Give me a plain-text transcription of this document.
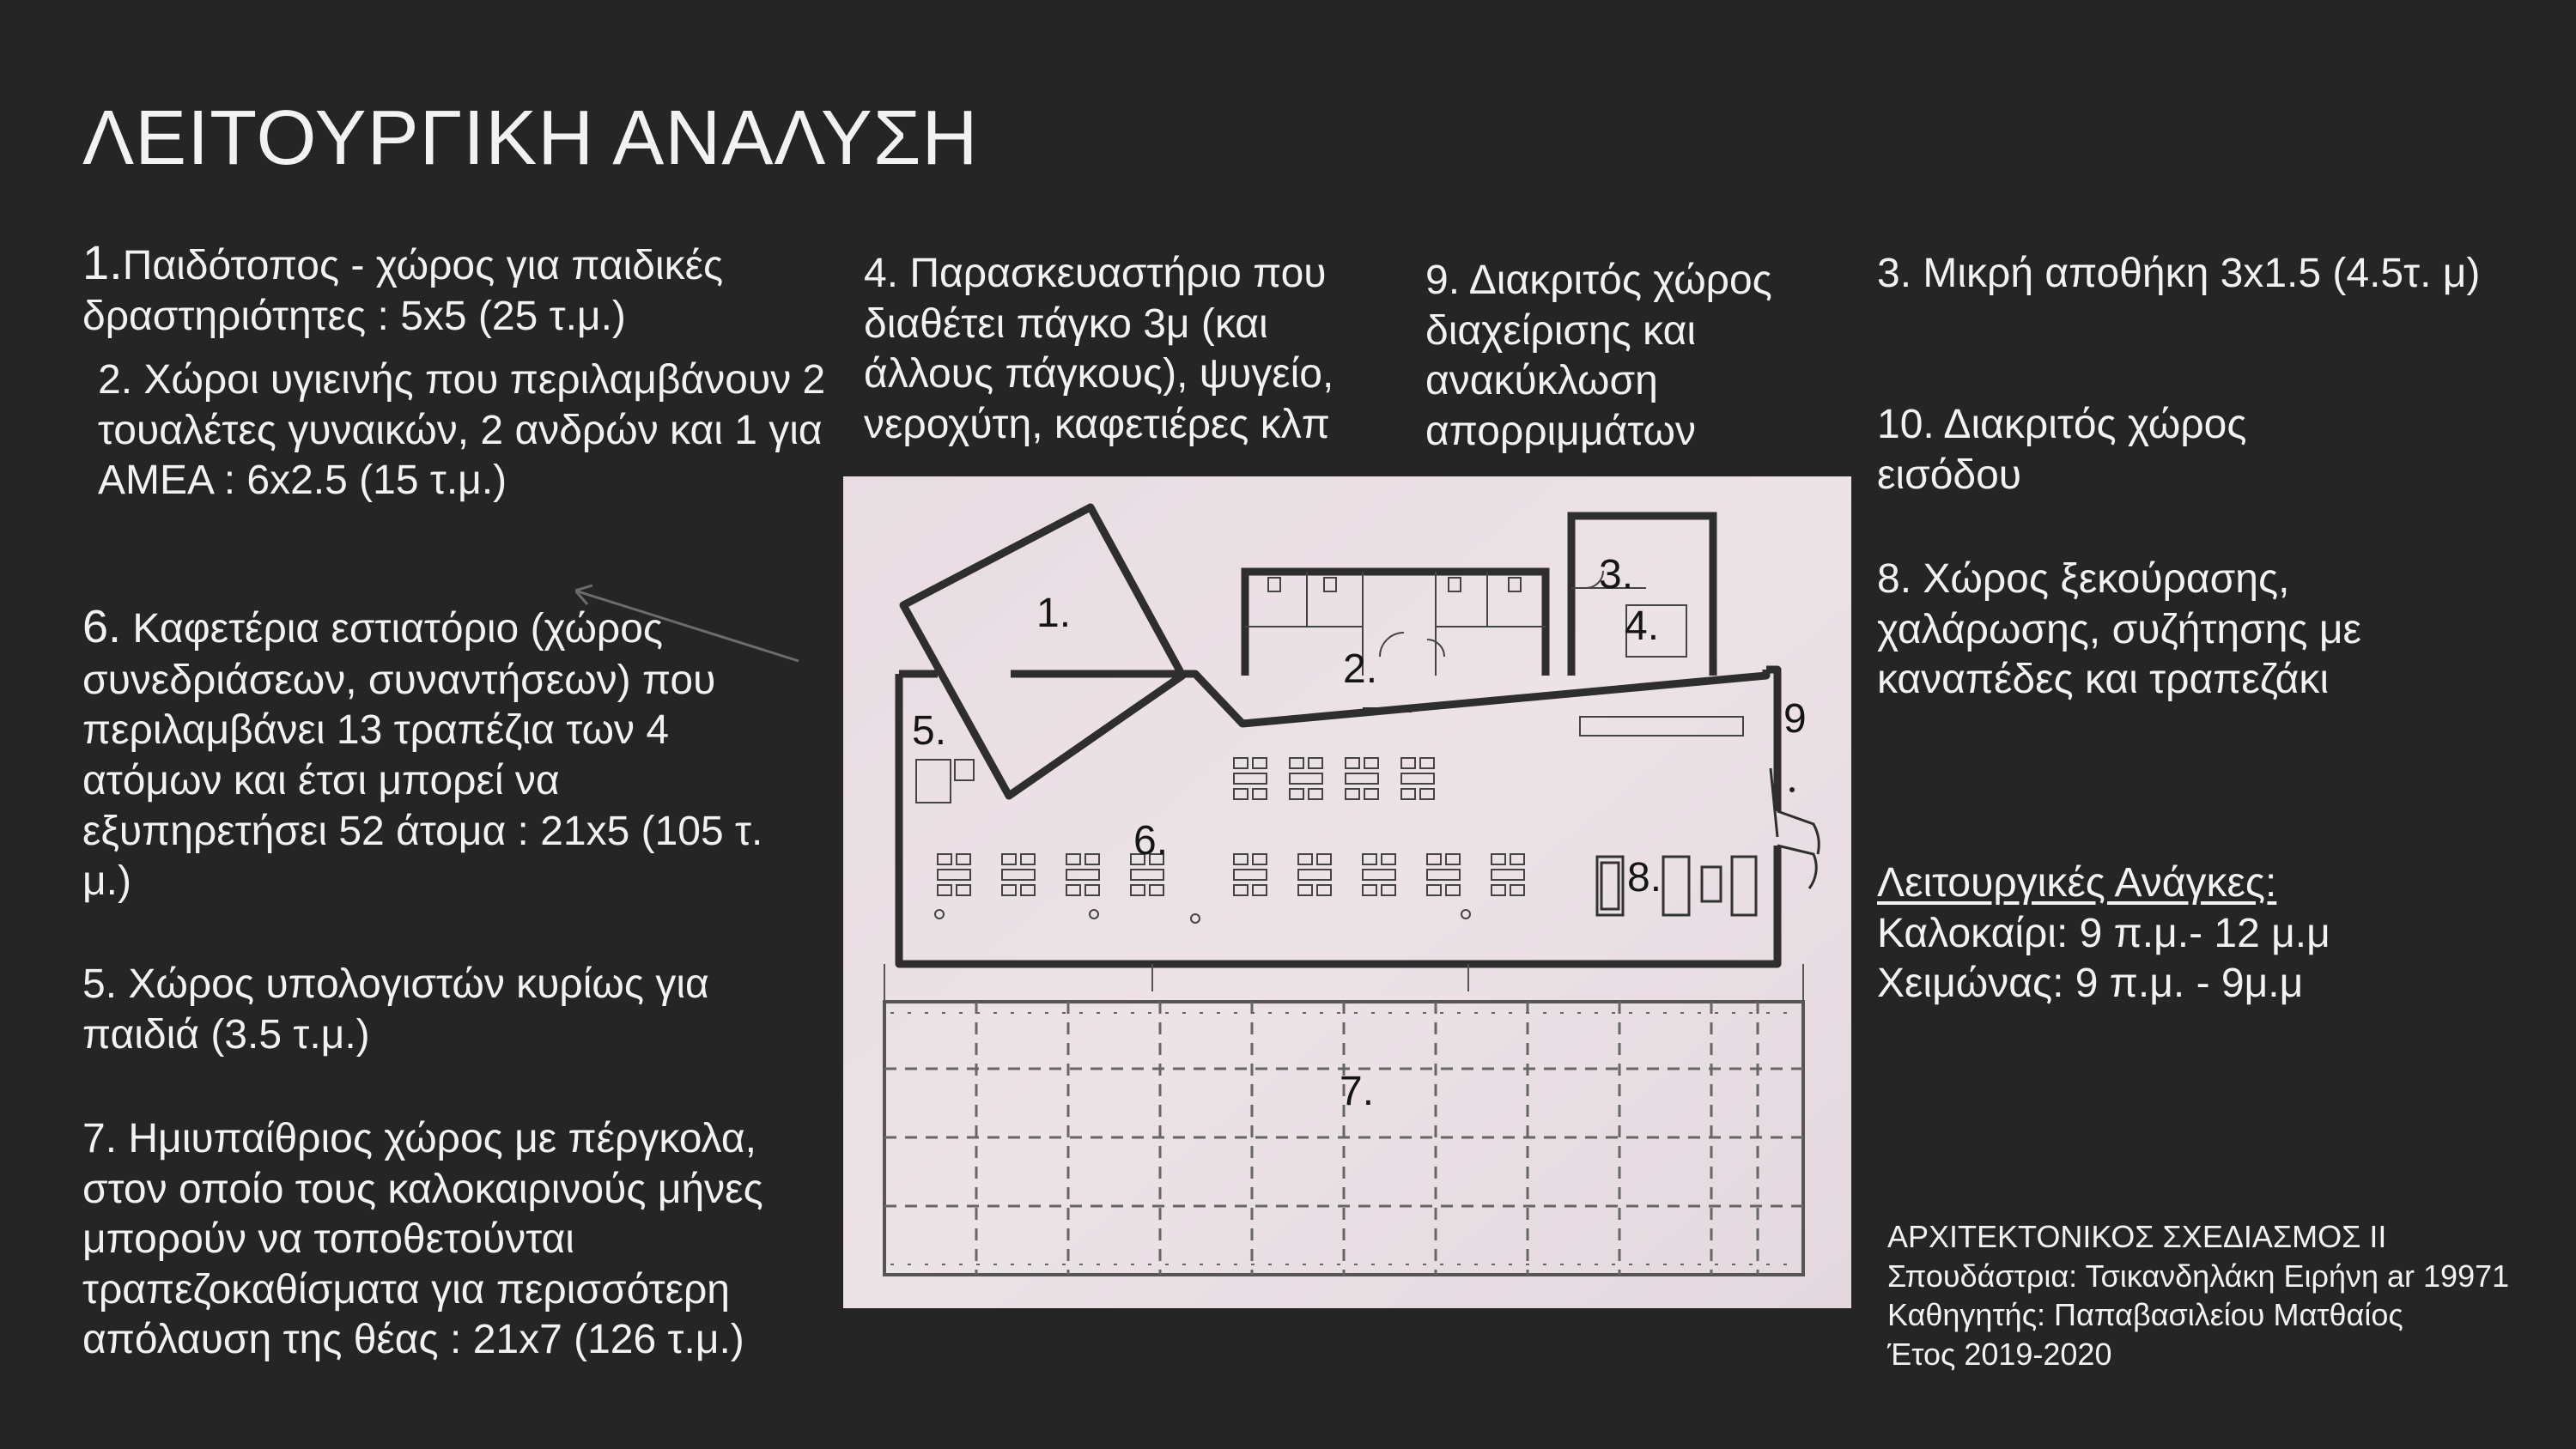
ΛΕΙΤΟΥΡΓΙΚΗ ΑΝΑΛΥΣΗ

1.Παιδότοπος - χώρος για παιδικές δραστηριότητες : 5x5 (25 τ.μ.)

2. Χώροι υγιεινής που περιλαμβάνουν 2 τουαλέτες γυναικών, 2 ανδρών και 1 για ΑΜΕΑ : 6x2.5 (15 τ.μ.)

6. Καφετέρια εστιατόριο (χώρος συνεδριάσεων, συναντήσεων) που περιλαμβάνει 13 τραπέζια των 4 ατόμων και έτσι μπορεί να εξυπηρετήσει 52 άτομα : 21x5 (105 τ. μ.)

5. Χώρος υπολογιστών κυρίως για παιδιά (3.5 τ.μ.)

7. Ημιυπαίθριος χώρος με πέργκολα, στον οποίο τους καλοκαιρινούς μήνες μπορούν να τοποθετούνται τραπεζοκαθίσματα για περισσότερη απόλαυση της θέας : 21x7 (126 τ.μ.)

4. Παρασκευαστήριο που διαθέτει πάγκο 3μ (και άλλους πάγκους), ψυγείο, νεροχύτη, καφετιέρες κλπ

9. Διακριτός χώρος διαχείρισης και ανακύκλωση απορριμμάτων

3. Μικρή αποθήκη 3x1.5 (4.5τ. μ)

10. Διακριτός χώρος εισόδου

8. Χώρος ξεκούρασης, χαλάρωσης, συζήτησης με καναπέδες και τραπεζάκι

Λειτουργικές Ανάγκες:
Καλοκαίρι: 9 π.μ.- 12 μ.μ
Χειμώνας: 9 π.μ. - 9μ.μ
ΑΡΧΙΤΕΚΤΟΝΙΚΟΣ ΣΧΕΔΙΑΣΜΟΣ ΙΙ
Σπουδάστρια: Τσικανδηλάκη Ειρήνη ar 19971
Καθηγητής: Παπαβασιλείου Ματθαίος
Έτος 2019-2020
1.
2.
3.
4.
5.
6.
7.
8.
9
